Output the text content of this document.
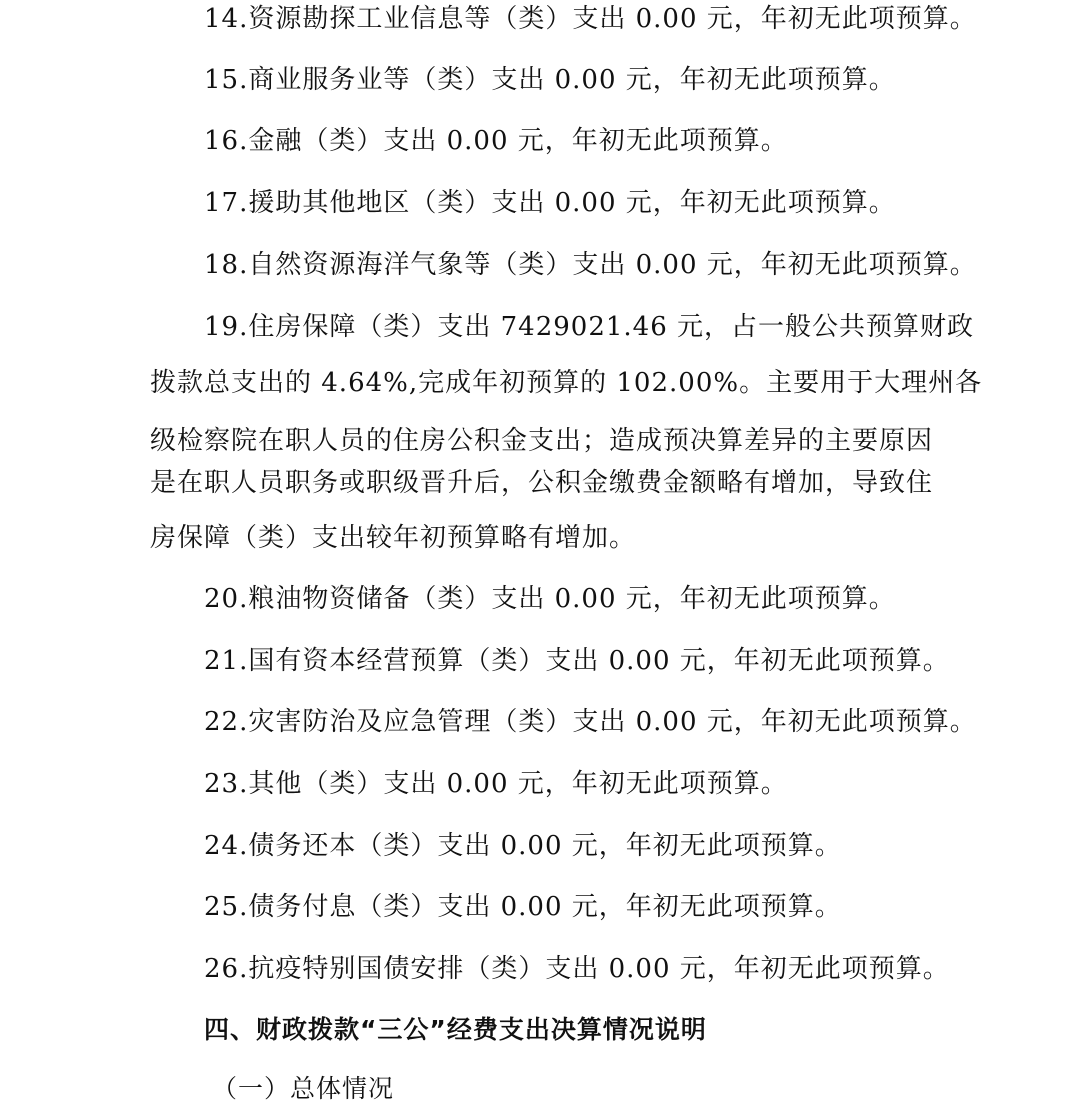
14.资源勘探工业信息等（类）支出 0.00 元，年初无此项预算。
15.商业服务业等（类）支出 0.00 元，年初无此项预算。
16.金融（类）支出 0.00 元，年初无此项预算。
17.援助其他地区（类）支出 0.00 元，年初无此项预算。
18.自然资源海洋气象等（类）支出 0.00 元，年初无此项预算。
19.住房保障（类）支出 7429021.46 元，占一般公共预算财政
拨款总支出的 4.64%,完成年初预算的 102.00%。主要用于大理州各
级检察院在职人员的住房公积金支出；造成预决算差异的主要原因
是在职人员职务或职级晋升后，公积金缴费金额略有增加，导致住
房保障（类）支出较年初预算略有增加。
20.粮油物资储备（类）支出 0.00 元，年初无此项预算。
21.国有资本经营预算（类）支出 0.00 元，年初无此项预算。
22.灾害防治及应急管理（类）支出 0.00 元，年初无此项预算。
23.其他（类）支出 0.00 元，年初无此项预算。
24.债务还本（类）支出 0.00 元，年初无此项预算。
25.债务付息（类）支出 0.00 元，年初无此项预算。
26.抗疫特别国债安排（类）支出 0.00 元，年初无此项预算。
四、财政拨款“三公”经费支出决算情况说明
（一）总体情况
